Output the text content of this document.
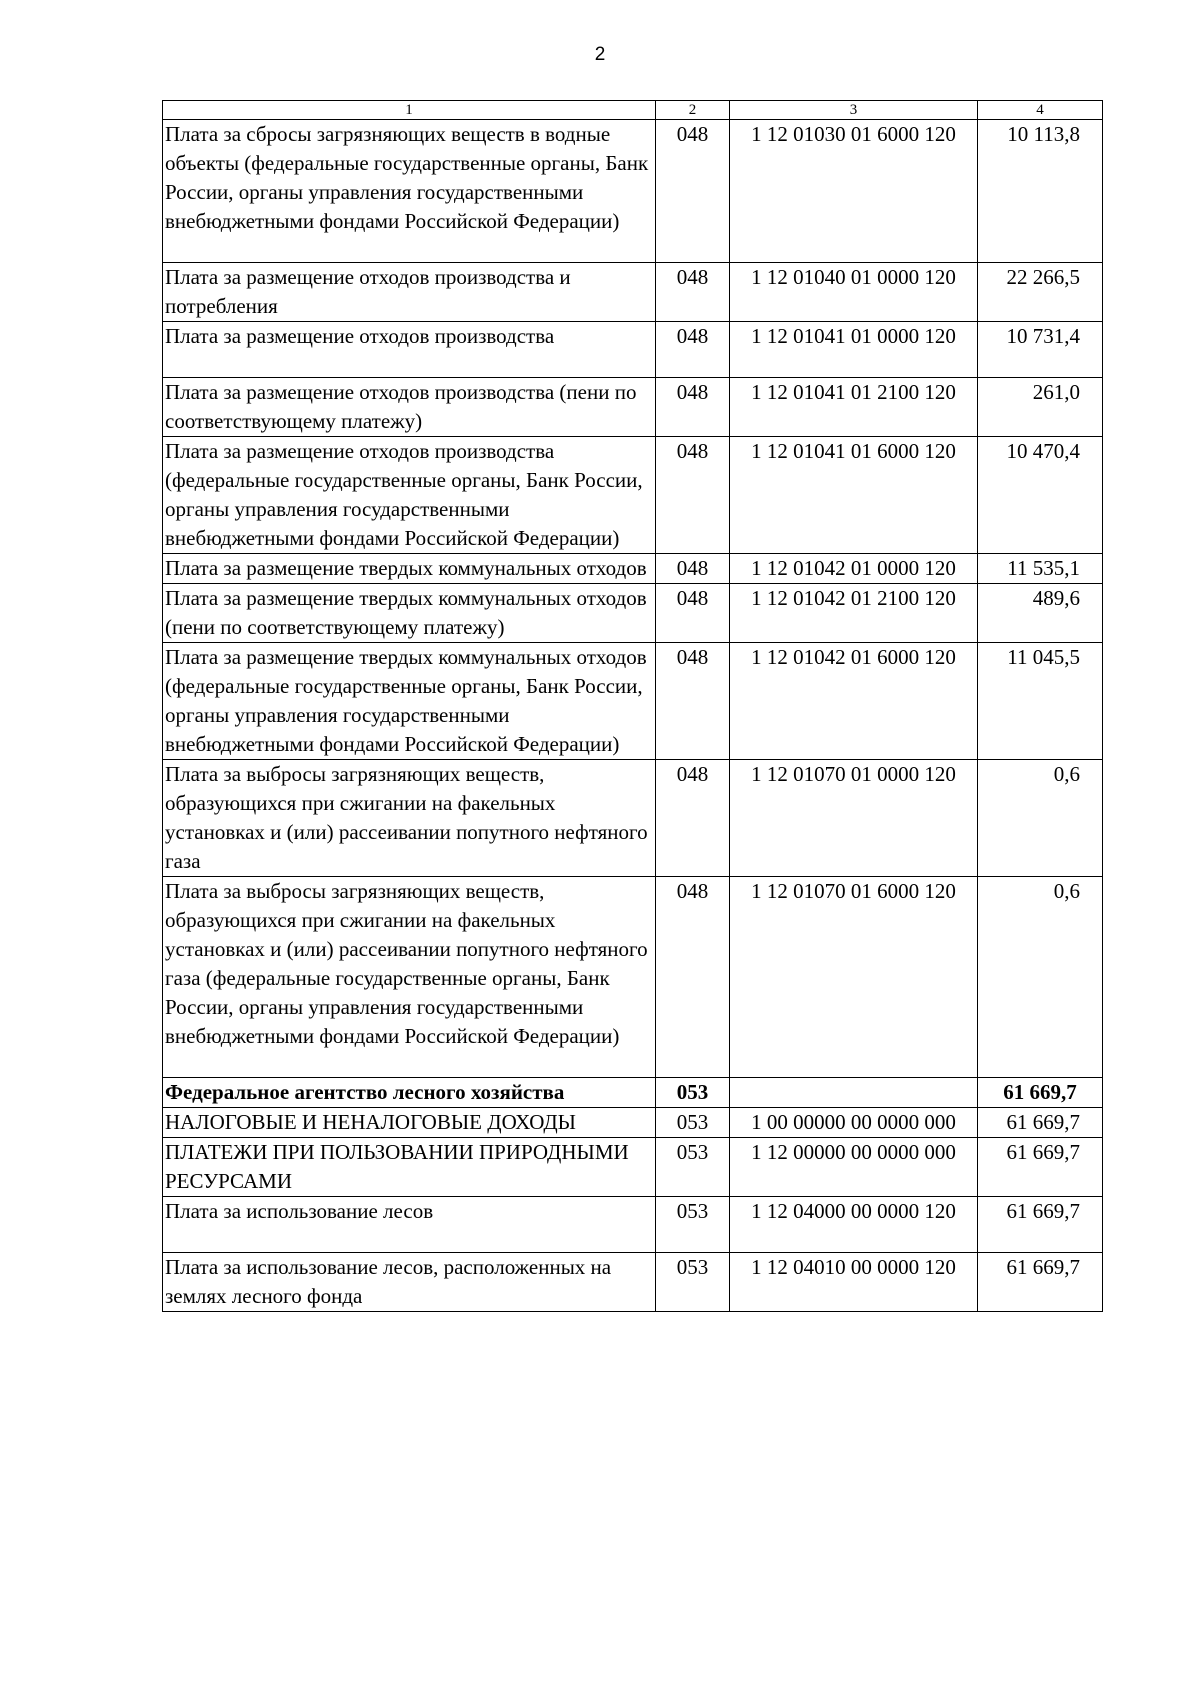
2
1	2	3	4
Плата за сбросы загрязняющих веществ в водные объекты (федеральные государственные органы, Банк России, органы управления государственными внебюджетными фондами Российской Федерации)	048	1 12 01030 01 6000 120	10 113,8
Плата за размещение отходов производства и потребления	048	1 12 01040 01 0000 120	22 266,5
Плата за размещение отходов производства	048	1 12 01041 01 0000 120	10 731,4
Плата за размещение отходов производства (пени по соответствующему платежу)	048	1 12 01041 01 2100 120	261,0
Плата за размещение отходов производства (федеральные государственные органы, Банк России, органы управления государственными внебюджетными фондами Российской Федерации)	048	1 12 01041 01 6000 120	10 470,4
Плата за размещение твердых коммунальных отходов	048	1 12 01042 01 0000 120	11 535,1
Плата за размещение твердых коммунальных отходов (пени по соответствующему платежу)	048	1 12 01042 01 2100 120	489,6
Плата за размещение твердых коммунальных отходов (федеральные государственные органы, Банк России, органы управления государственными внебюджетными фондами Российской Федерации)	048	1 12 01042 01 6000 120	11 045,5
Плата за выбросы загрязняющих веществ, образующихся при сжигании на факельных установках и (или) рассеивании попутного нефтяного газа	048	1 12 01070 01 0000 120	0,6
Плата за выбросы загрязняющих веществ, образующихся при сжигании на факельных установках и (или) рассеивании попутного нефтяного газа (федеральные государственные органы, Банк России, органы управления государственными внебюджетными фондами Российской Федерации)	048	1 12 01070 01 6000 120	0,6
Федеральное агентство лесного хозяйства	053		61 669,7
НАЛОГОВЫЕ И НЕНАЛОГОВЫЕ ДОХОДЫ	053	1 00 00000 00 0000 000	61 669,7
ПЛАТЕЖИ ПРИ ПОЛЬЗОВАНИИ ПРИРОДНЫМИ РЕСУРСАМИ	053	1 12 00000 00 0000 000	61 669,7
Плата за использование лесов	053	1 12 04000 00 0000 120	61 669,7
Плата за использование лесов, расположенных на землях лесного фонда	053	1 12 04010 00 0000 120	61 669,7
